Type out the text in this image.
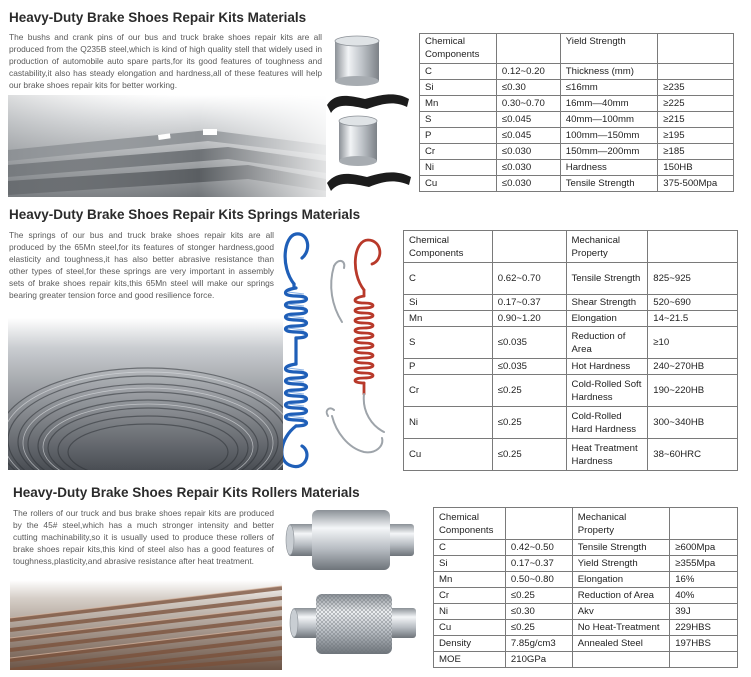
Heavy-Duty Brake Shoes Repair Kits Materials

The bushs and crank pins of our bus and truck brake shoes repair kits are all produced from the Q235B steel,which is kind of high quality stell that widely used in production of automobile auto spare parts,for its good features of toughness and castability,it also has steady elongation and hardness,all of these features will help our brake shoes repair kits for better working.

Chemical Components		Yield Strength	
C	0.12~0.20	Thickness (mm)	
Si	≤0.30	≤16mm	≥235
Mn	0.30~0.70	16mm—40mm	≥225
S	≤0.045	40mm—100mm	≥215
P	≤0.045	100mm—150mm	≥195
Cr	≤0.030	150mm—200mm	≥185
Ni	≤0.030	Hardness	150HB
Cu	≤0.030	Tensile Strength	375-500Mpa
Heavy-Duty Brake Shoes Repair Kits Springs Materials

The springs of our bus and truck brake shoes repair kits are all produced by the 65Mn steel,for its features of stonger hardness,good elasticity and toughness,it has also better abrasive resistance than other types of steel,for these springs are very important in assembly sets of brake shoes repair kits,this 65Mn steel will make our springs bearing greater tension force and good resilience force.

Chemical Components		Mechanical Property	
C	0.62~0.70	Tensile Strength	825~925
Si	0.17~0.37	Shear Strength	520~690
Mn	0.90~1.20	Elongation	14~21.5
S	≤0.035	Reduction of Area	≥10
P	≤0.035	Hot Hardness	240~270HB
Cr	≤0.25	Cold-Rolled Soft Hardness	190~220HB
Ni	≤0.25	Cold-Rolled Hard Hardness	300~340HB
Cu	≤0.25	Heat Treatment Hardness	38~60HRC
Heavy-Duty Brake Shoes Repair Kits Rollers Materials

The rollers of our truck and bus brake shoes repair kits are produced by the 45# steel,which has a much stronger intensity and better cutting machinability,so it is usually used to produce these rollers of brake shoes repair kits,this kind of steel also has a good features of toughness,plasticity,and abrasive resistance after heat treatment.

Chemical Components		Mechanical Property	
C	0.42~0.50	Tensile Strength	≥600Mpa
Si	0.17~0.37	Yield Strength	≥355Mpa
Mn	0.50~0.80	Elongation	16%
Cr	≤0.25	Reduction of Area	40%
Ni	≤0.30	Akv	39J
Cu	≤0.25	No Heat-Treatment	229HBS
Density	7.85g/cm3	Annealed Steel	197HBS
MOE	210GPa		
